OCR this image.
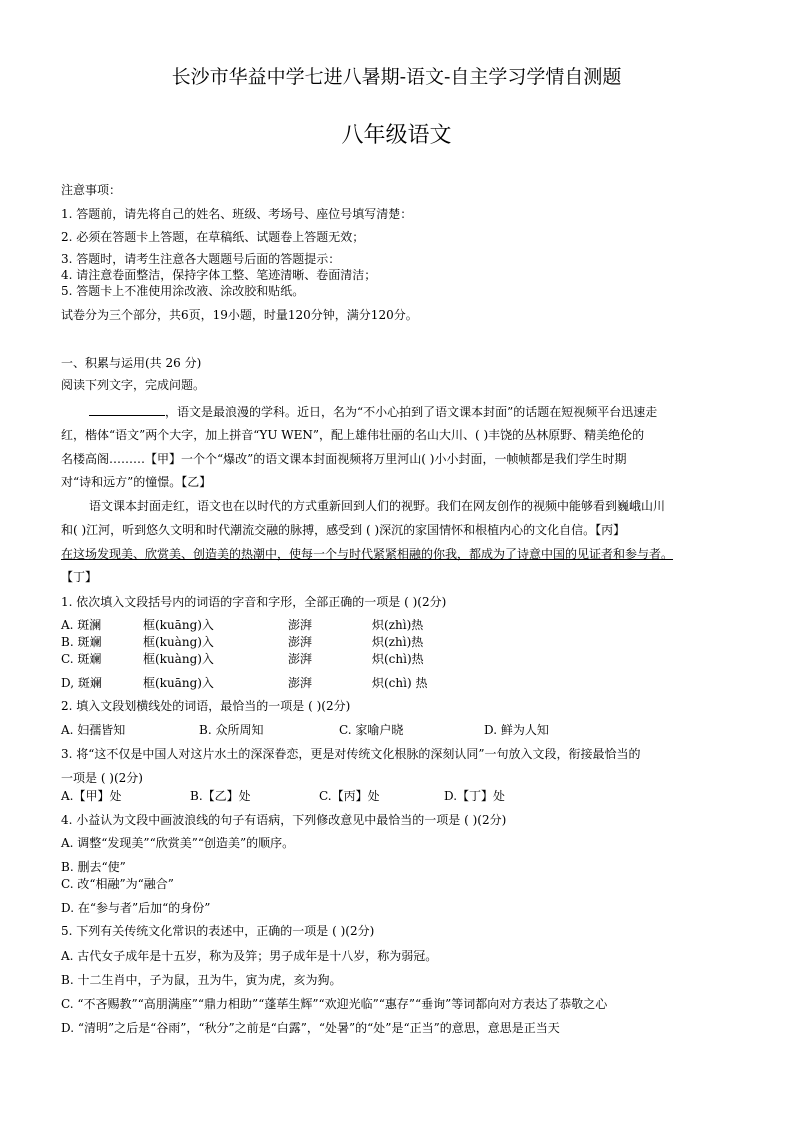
长沙市华益中学七进八暑期-语文-自主学习学情自测题
八年级语文
注意事项：
1. 答题前，请先将自己的姓名、班级、考场号、座位号填写清楚：
2. 必须在答题卡上答题，在草稿纸、试题卷上答题无效；
3. 答题时，请考生注意各大题题号后面的答题提示：
4. 请注意卷面整洁，保持字体工整、笔迹清晰、卷面清洁；
5. 答题卡上不准使用涂改液、涂改胶和贴纸。
试卷分为三个部分，共6页，19小题，时量120分钟，满分120分。
一、积累与运用(共 26 分)
阅读下列文字，完成问题。
，语文是最浪漫的学科。近日，名为“不小心拍到了语文课本封面”的话题在短视频平台迅速走
红，楷体“语文”两个大字，加上拼音“YU WEN”，配上雄伟壮丽的名山大川、( )丰饶的丛林原野、精美绝伦的
名楼高阁………【甲】一个个“爆改”的语文课本封面视频将万里河山( )小小封面，一帧帧都是我们学生时期
对“诗和远方”的憧憬。【乙】
语文课本封面走红，语文也在以时代的方式重新回到人们的视野。我们在网友创作的视频中能够看到巍峨山川
和( )江河，听到悠久文明和时代潮流交融的脉搏，感受到 ( )深沉的家国情怀和根植内心的文化自信。【丙】
在这场发现美、欣赏美、创造美的热潮中，使每一个与时代紧紧相融的你我，都成为了诗意中国的见证者和参与者。
【丁】
1. 依次填入文段括号内的词语的字音和字形，全部正确的一项是 ( )(2分)
A. 斑澜	框(kuāng)入	澎湃	炽(zhì)热
B. 斑斓	框(kuàng)入	澎湃	炽(zhì)热
C. 斑斓	框(kuàng)入	澎湃	炽(chì)热
D, 斑斓	框(kuāng)入	澎湃	炽(chì) 热
2. 填入文段划横线处的词语，最恰当的一项是 ( )(2分)
A. 妇孺皆知	B. 众所周知	C. 家喻户晓	D. 鲜为人知
3. 将“这不仅是中国人对这片水土的深深眷恋，更是对传统文化根脉的深刻认同”一句放入文段，衔接最恰当的
一项是 ( )(2分)
A.【甲】处	B.【乙】处	C.【丙】处	D.【丁】处
4. 小益认为文段中画波浪线的句子有语病，下列修改意见中最恰当的一项是 ( )(2分)
A. 调整“发现美”“欣赏美”“创造美”的顺序。
B. 删去“使”
C. 改“相融”为“融合”
D. 在“参与者”后加“的身份”
5. 下列有关传统文化常识的表述中，正确的一项是 ( )(2分)
A. 古代女子成年是十五岁，称为及笄；男子成年是十八岁，称为弱冠。
B. 十二生肖中，子为鼠，丑为牛，寅为虎，亥为狗。
C. “不吝赐教”“高朋满座”“鼎力相助”“蓬荜生辉”“欢迎光临”“惠存”“垂询”等词都向对方表达了恭敬之心
D. “清明”之后是“谷雨”，“秋分”之前是“白露”，“处暑”的“处”是“正当”的意思，意思是正当天
